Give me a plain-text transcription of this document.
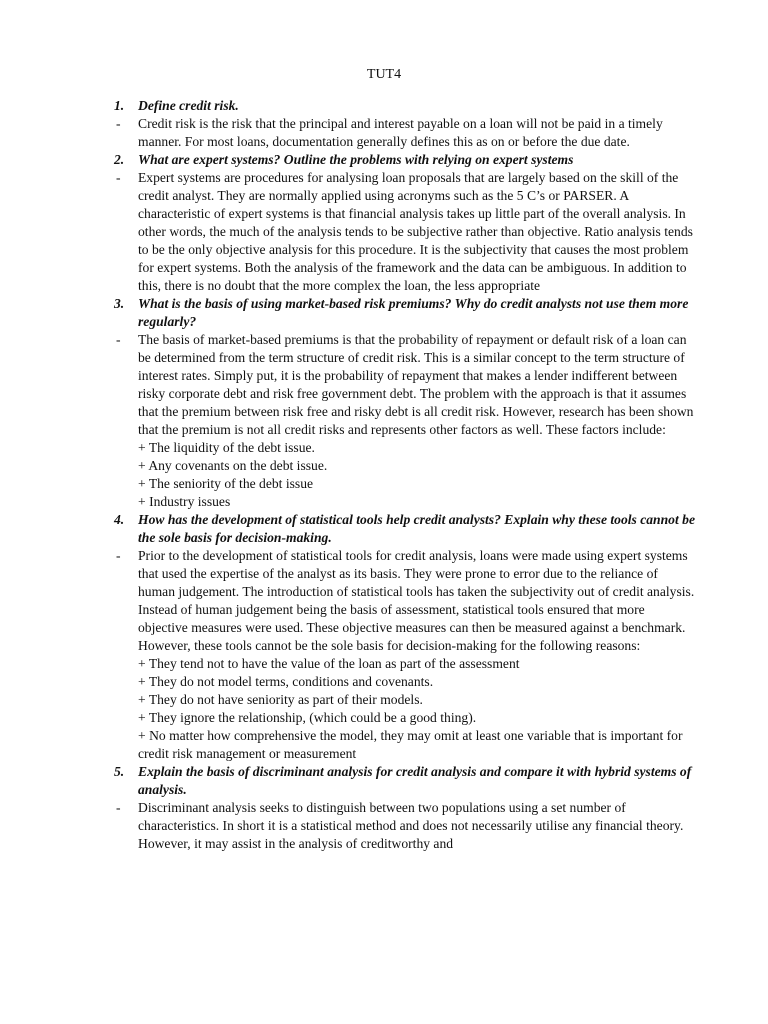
TUT4
1. Define credit risk.
- Credit risk is the risk that the principal and interest payable on a loan will not be paid in a timely manner. For most loans, documentation generally defines this as on or before the due date.
2. What are expert systems? Outline the problems with relying on expert systems
- Expert systems are procedures for analysing loan proposals that are largely based on the skill of the credit analyst. They are normally applied using acronyms such as the 5 C’s or PARSER. A characteristic of expert systems is that financial analysis takes up little part of the overall analysis. In other words, the much of the analysis tends to be subjective rather than objective. Ratio analysis tends to be the only objective analysis for this procedure. It is the subjectivity that causes the most problem for expert systems. Both the analysis of the framework and the data can be ambiguous. In addition to this, there is no doubt that the more complex the loan, the less appropriate
3. What is the basis of using market-based risk premiums? Why do credit analysts not use them more regularly?
- The basis of market-based premiums is that the probability of repayment or default risk of a loan can be determined from the term structure of credit risk. This is a similar concept to the term structure of interest rates. Simply put, it is the probability of repayment that makes a lender indifferent between risky corporate debt and risk free government debt. The problem with the approach is that it assumes that the premium between risk free and risky debt is all credit risk. However, research has been shown that the premium is not all credit risks and represents other factors as well. These factors include:
+ The liquidity of the debt issue.
+ Any covenants on the debt issue.
+ The seniority of the debt issue
+ Industry issues
4. How has the development of statistical tools help credit analysts? Explain why these tools cannot be the sole basis for decision-making.
- Prior to the development of statistical tools for credit analysis, loans were made using expert systems that used the expertise of the analyst as its basis. They were prone to error due to the reliance of human judgement. The introduction of statistical tools has taken the subjectivity out of credit analysis. Instead of human judgement being the basis of assessment, statistical tools ensured that more objective measures were used. These objective measures can then be measured against a benchmark. However, these tools cannot be the sole basis for decision-making for the following reasons:
+ They tend not to have the value of the loan as part of the assessment
+ They do not model terms, conditions and covenants.
+ They do not have seniority as part of their models.
+ They ignore the relationship, (which could be a good thing).
+ No matter how comprehensive the model, they may omit at least one variable that is important for credit risk management or measurement
5. Explain the basis of discriminant analysis for credit analysis and compare it with hybrid systems of analysis.
- Discriminant analysis seeks to distinguish between two populations using a set number of characteristics. In short it is a statistical method and does not necessarily utilise any financial theory. However, it may assist in the analysis of creditworthy and
